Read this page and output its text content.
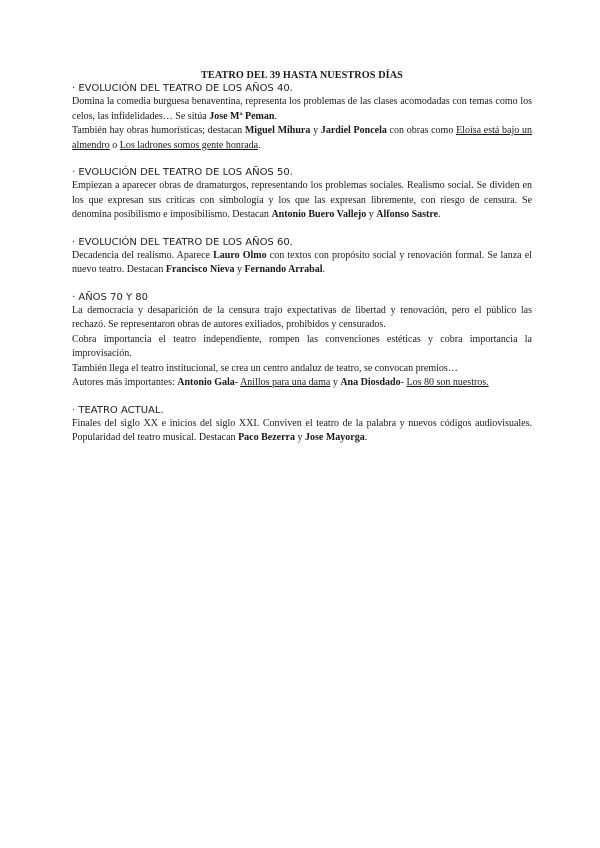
TEATRO DEL 39 HASTA NUESTROS DÍAS
· EVOLUCIÓN DEL TEATRO DE LOS AÑOS 40.

Domina la comedia burguesa benaventina, representa los problemas de las clases acomodadas con temas como los celos, las infidelidades… Se sitúa Jose Mª Peman.

También hay obras humorísticas; destacan Miguel Mihura y Jardiel Poncela con obras como Eloísa está bajo un almendro o Los ladrones somos gente honrada.

· EVOLUCIÓN DEL TEATRO DE LOS AÑOS 50.

Empiezan a aparecer obras de dramaturgos, representando los problemas sociales. Realismo social. Se dividen en los que expresan sus críticas con simbología y los que las expresan libremente, con riesgo de censura. Se denomina posibilismo e imposibilismo. Destacan Antonio Buero Vallejo y Alfonso Sastre.

· EVOLUCIÓN DEL TEATRO DE LOS AÑOS 60.

Decadencia del realismo. Aparece Lauro Olmo con textos con propósito social y renovación formal. Se lanza el nuevo teatro. Destacan Francisco Nieva y Fernando Arrabal.

· AÑOS 70 Y 80

La democracia y desaparición de la censura trajo expectativas de libertad y renovación, pero el público las rechazó. Se representaron obras de autores exiliados, prohibidos y censurados.

Cobra importancia el teatro independiente, rompen las convenciones estéticas y cobra importancia la improvisación.

También llega el teatro institucional, se crea un centro andaluz de teatro, se convocan premios…

Autores más importantes: Antonio Gala- Anillos para una dama y Ana Diosdado- Los 80 son nuestros.

· TEATRO ACTUAL.

Finales del siglo XX e inicios del siglo XXI. Conviven el teatro de la palabra y nuevos códigos audiovisuales. Popularidad del teatro musical. Destacan Paco Bezerra y Jose Mayorga.
